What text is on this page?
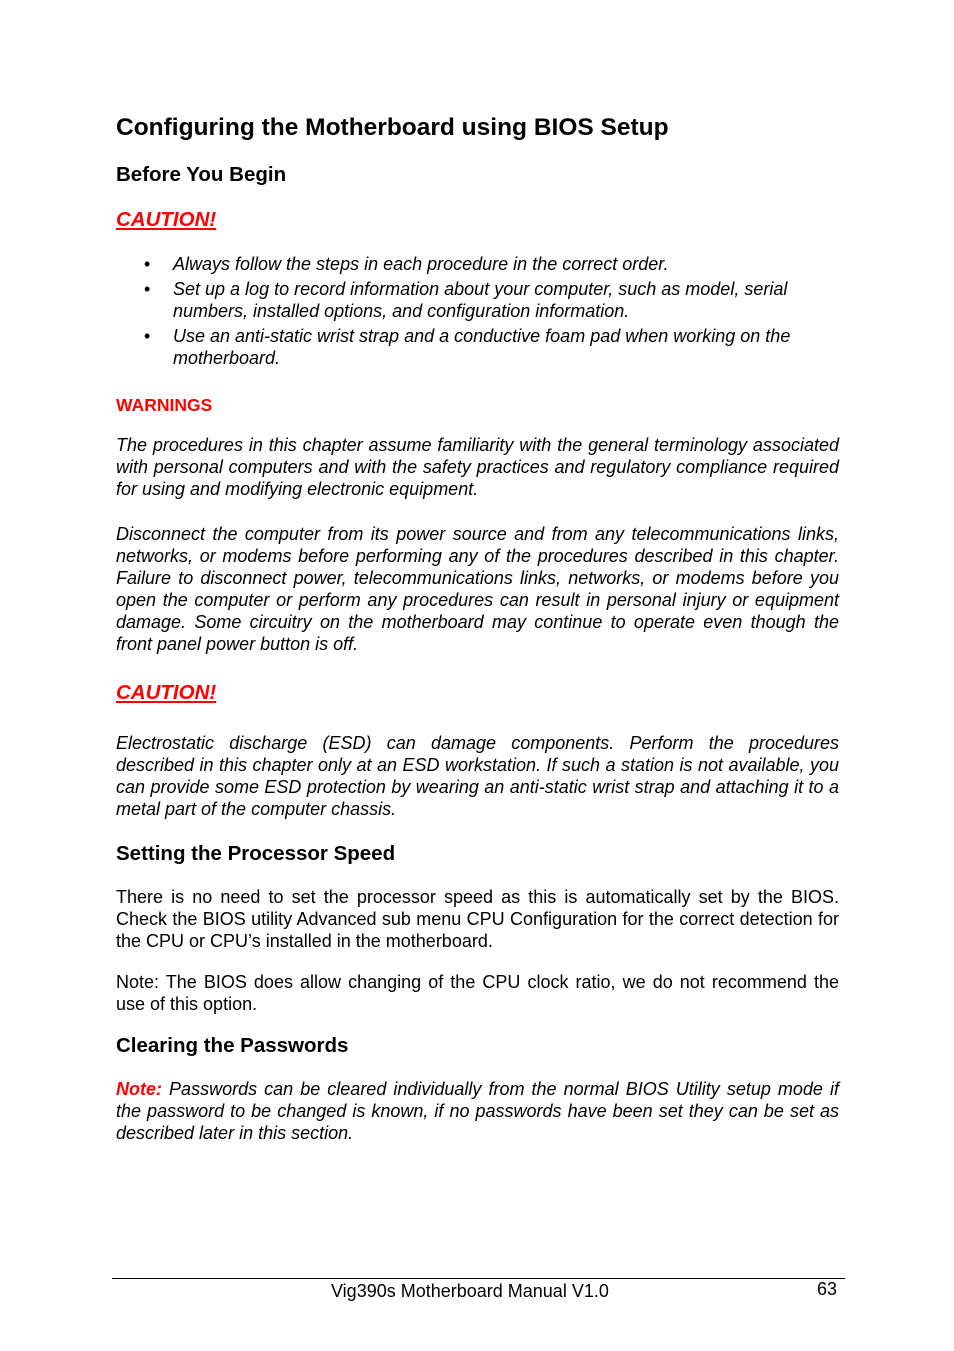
Configuring the Motherboard using BIOS Setup
Before You Begin
CAUTION!
• Always follow the steps in each procedure in the correct order.
• Set up a log to record information about your computer, such as model, serial numbers, installed options, and configuration information.
• Use an anti-static wrist strap and a conductive foam pad when working on the motherboard.
WARNINGS

The procedures in this chapter assume familiarity with the general terminology associated with personal computers and with the safety practices and regulatory compliance required for using and modifying electronic equipment.

Disconnect the computer from its power source and from any telecommunications links, networks, or modems before performing any of the procedures described in this chapter. Failure to disconnect power, telecommunications links, networks, or modems before you open the computer or perform any procedures can result in personal injury or equipment damage. Some circuitry on the motherboard may continue to operate even though the front panel power button is off.

CAUTION!

Electrostatic discharge (ESD) can damage components. Perform the procedures described in this chapter only at an ESD workstation. If such a station is not available, you can provide some ESD protection by wearing an anti-static wrist strap and attaching it to a metal part of the computer chassis.

Setting the Processor Speed

There is no need to set the processor speed as this is automatically set by the BIOS. Check the BIOS utility Advanced sub menu CPU Configuration for the correct detection for the CPU or CPU’s installed in the motherboard.

Note: The BIOS does allow changing of the CPU clock ratio, we do not recommend the use of this option.

Clearing the Passwords

Note: Passwords can be cleared individually from the normal BIOS Utility setup mode if the password to be changed is known, if no passwords have been set they can be set as described later in this section.

Vig390s Motherboard Manual V1.0	63
